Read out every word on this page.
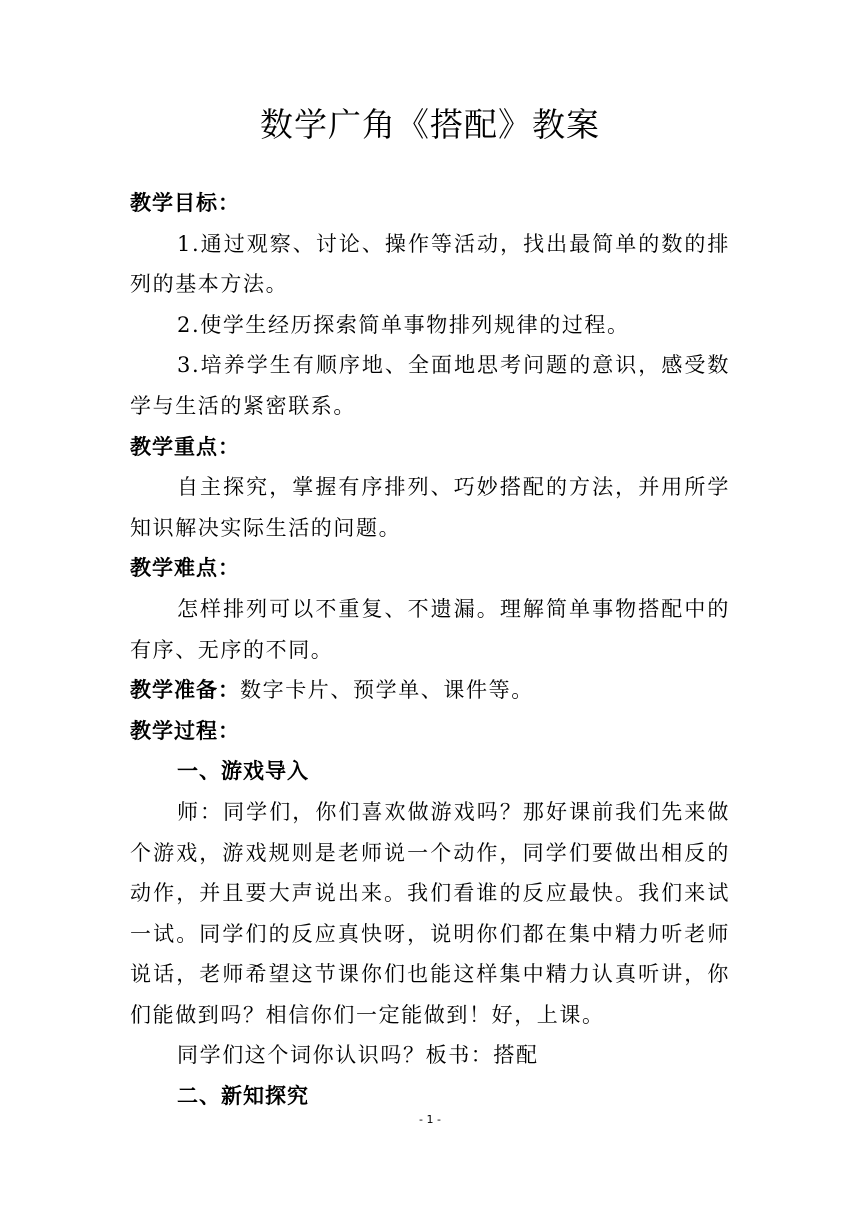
数学广角《搭配》教案

教学目标：

1.通过观察、讨论、操作等活动，找出最简单的数的排列的基本方法。

2.使学生经历探索简单事物排列规律的过程。

3.培养学生有顺序地、全面地思考问题的意识，感受数学与生活的紧密联系。

教学重点：

自主探究，掌握有序排列、巧妙搭配的方法，并用所学知识解决实际生活的问题。

教学难点：

怎样排列可以不重复、不遗漏。理解简单事物搭配中的有序、无序的不同。

教学准备：数字卡片、预学单、课件等。

教学过程：

一、游戏导入

师：同学们，你们喜欢做游戏吗？那好课前我们先来做个游戏，游戏规则是老师说一个动作，同学们要做出相反的动作，并且要大声说出来。我们看谁的反应最快。我们来试一试。同学们的反应真快呀，说明你们都在集中精力听老师说话，老师希望这节课你们也能这样集中精力认真听讲，你们能做到吗？相信你们一定能做到！好，上课。

同学们这个词你认识吗？板书：搭配

二、新知探究

- 1 -
